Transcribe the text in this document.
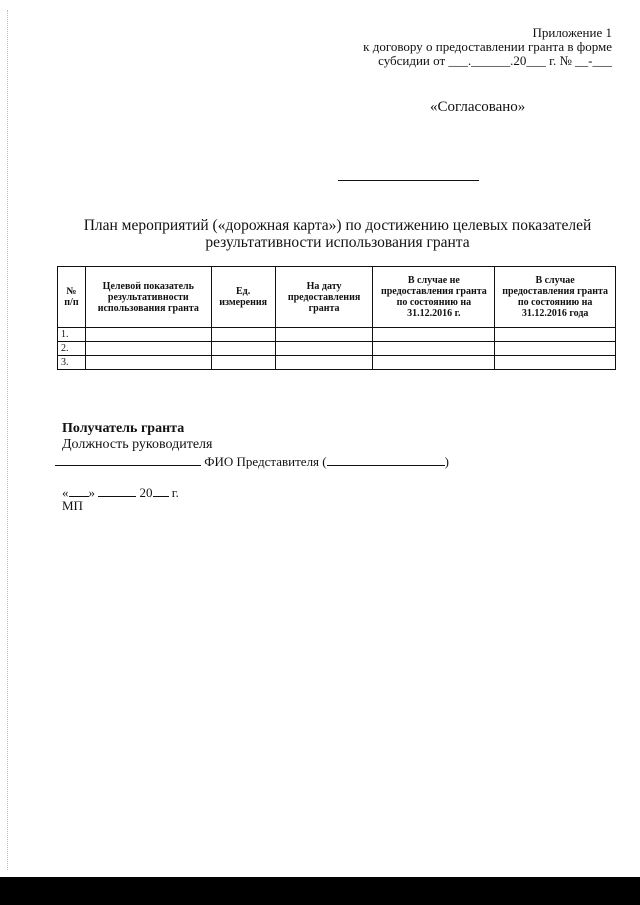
Приложение 1
к договору о предоставлении гранта в форме
субсидии от ___.______.20___ г. № __-___
«Согласовано»
План мероприятий («дорожная карта») по достижению целевых показателей
результативности использования гранта
№ п/п	Целевой показатель результативности использования гранта	Ед. измерения	На дату предоставления гранта	В случае не предоставления гранта по состоянию на 31.12.2016 г.	В случае предоставления гранта по состоянию на 31.12.2016 года
1.					
2.					
3.					
Получатель гранта
Должность руководителя
ФИО Представителя (	)
« »	20 г.
МП
